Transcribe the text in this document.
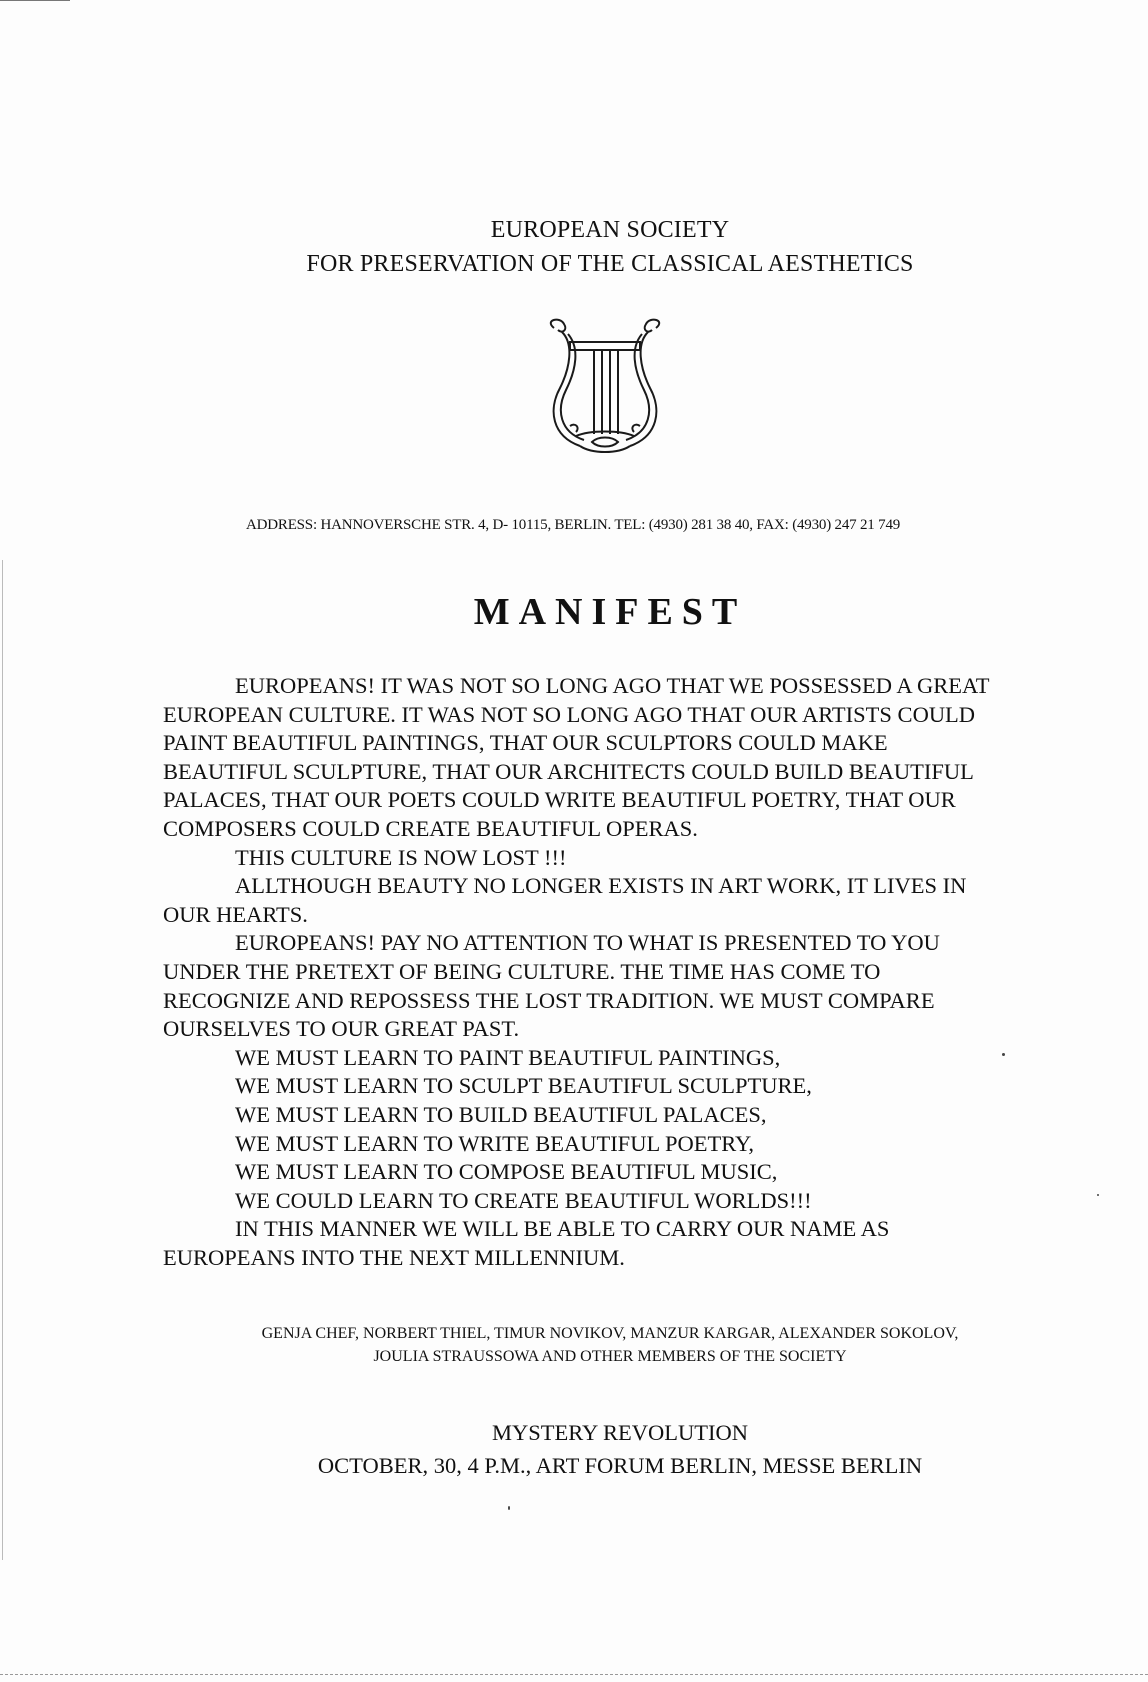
EUROPEAN SOCIETY
FOR PRESERVATION OF THE CLASSICAL AESTHETICS
ADDRESS: HANNOVERSCHE STR. 4, D- 10115, BERLIN. TEL: (4930) 281 38 40, FAX: (4930) 247 21 749
MANIFEST
EUROPEANS! IT WAS NOT SO LONG AGO THAT WE POSSESSED A GREAT
EUROPEAN CULTURE. IT WAS NOT SO LONG AGO THAT OUR ARTISTS COULD
PAINT BEAUTIFUL PAINTINGS, THAT OUR SCULPTORS COULD MAKE
BEAUTIFUL SCULPTURE, THAT OUR ARCHITECTS COULD BUILD BEAUTIFUL
PALACES, THAT OUR POETS COULD WRITE BEAUTIFUL POETRY, THAT OUR
COMPOSERS COULD CREATE BEAUTIFUL OPERAS.
THIS CULTURE IS NOW LOST !!!
ALLTHOUGH BEAUTY NO LONGER EXISTS IN ART WORK, IT LIVES IN
OUR HEARTS.
EUROPEANS! PAY NO ATTENTION TO WHAT IS PRESENTED TO YOU
UNDER THE PRETEXT OF BEING CULTURE. THE TIME HAS COME TO
RECOGNIZE AND REPOSSESS THE LOST TRADITION. WE MUST COMPARE
OURSELVES TO OUR GREAT PAST.
WE MUST LEARN TO PAINT BEAUTIFUL PAINTINGS,
WE MUST LEARN TO SCULPT BEAUTIFUL SCULPTURE,
WE MUST LEARN TO BUILD BEAUTIFUL PALACES,
WE MUST LEARN TO WRITE BEAUTIFUL POETRY,
WE MUST LEARN TO COMPOSE BEAUTIFUL MUSIC,
WE COULD LEARN TO CREATE BEAUTIFUL WORLDS!!!
IN THIS MANNER WE WILL BE ABLE TO CARRY OUR NAME AS
EUROPEANS INTO THE NEXT MILLENNIUM.
GENJA CHEF, NORBERT THIEL, TIMUR NOVIKOV, MANZUR KARGAR, ALEXANDER SOKOLOV,
JOULIA STRAUSSOWA AND OTHER MEMBERS OF THE SOCIETY
MYSTERY REVOLUTION
OCTOBER, 30, 4 P.M., ART FORUM BERLIN, MESSE BERLIN
